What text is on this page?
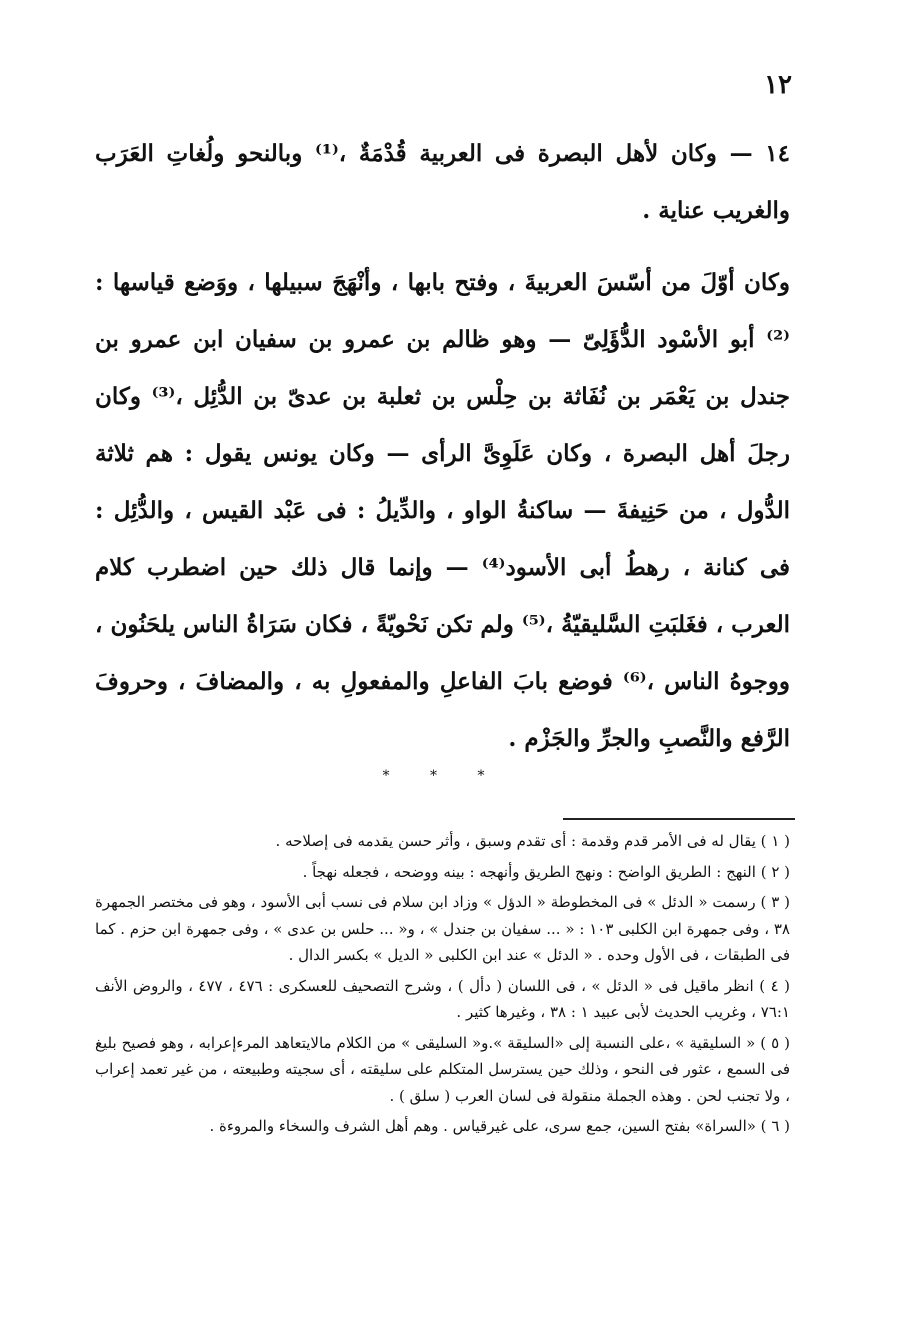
١٢

١٤ — وكان لأهل البصرة فى العربية قُدْمَةٌ ،⁽¹⁾ وبالنحو ولُغاتِ العَرَب والغريب عناية .

وكان أوّلَ من أسّسَ العربيةَ ، وفتح بابها ، وأنْهَجَ سبيلها ، ووَضع قياسها :⁽²⁾ أبو الأسْود الدُّؤَلِىّ — وهو ظالم بن عمرو بن سفيان ابن عمرو بن جندل بن يَعْمَر بن نُفَاثة بن حِلْس بن ثعلبة بن عدىّ بن الدُّئِل ،⁽³⁾ وكان رجلَ أهل البصرة ، وكان عَلَوِىَّ الرأى — وكان يونس يقول : هم ثلاثة الدُّول ، من حَنِيفةَ — ساكنةُ الواو ، والدِّيلُ : فى عَبْد القيس ، والدُّئِل : فى كنانة ، رهطُ أبى الأسود⁽⁴⁾ — وإنما قال ذلك حين اضطرب كلام العرب ، فغَلبَتِ السَّليقيّةُ ،⁽⁵⁾ ولم تكن نَحْويّةً ، فكان سَرَاةُ الناس يلحَنُون ، ووجوهُ الناس ،⁽⁶⁾ فوضع بابَ الفاعلِ والمفعولِ به ، والمضافَ ، وحروفَ الرَّفع والنَّصبِ والجرِّ والجَزْم .

* * *

( ١ ) يقال له فى الأمر قدم وقدمة : أى تقدم وسبق ، وأثر حسن يقدمه فى إصلاحه .

( ٢ ) النهج : الطريق الواضح : ونهج الطريق وأنهجه : بينه ووضحه ، فجعله نهجاً .

( ٣ ) رسمت « الدئل » فى المخطوطة « الدؤل » وزاد ابن سلام فى نسب أبى الأسود ، وهو فى مختصر الجمهرة ٣٨ ، وفى جمهرة ابن الكلبى ١٠٣ : « ... سفيان بن جندل » ، و« ... حلس بن عدى » ، وفى جمهرة ابن حزم . كما فى الطبقات ، فى الأول وحده . « الدئل » عند ابن الكلبى « الديل » بكسر الدال .

( ٤ ) انظر ماقيل فى « الدئل » ، فى اللسان ( دأل ) ، وشرح التصحيف للعسكرى : ٤٧٦ ، ٤٧٧ ، والروض الأنف ٧٦:١ ، وغريب الحديث لأبى عبيد ١ : ٣٨ ، وغيرها كثير .

( ٥ ) « السليقية » ،على النسبة إلى «السليقة ».و« السليقى » من الكلام مالايتعاهد المرءإعرابه ، وهو فصيح بليغ فى السمع ، عثور فى النحو ، وذلك حين يسترسل المتكلم على سليقته ، أى سجيته وطبيعته ، من غير تعمد إعراب ، ولا تجنب لحن . وهذه الجملة منقولة فى لسان العرب ( سلق ) .

( ٦ ) «السراة» بفتح السين، جمع سرى، على غيرقياس . وهم أهل الشرف والسخاء والمروءة .
